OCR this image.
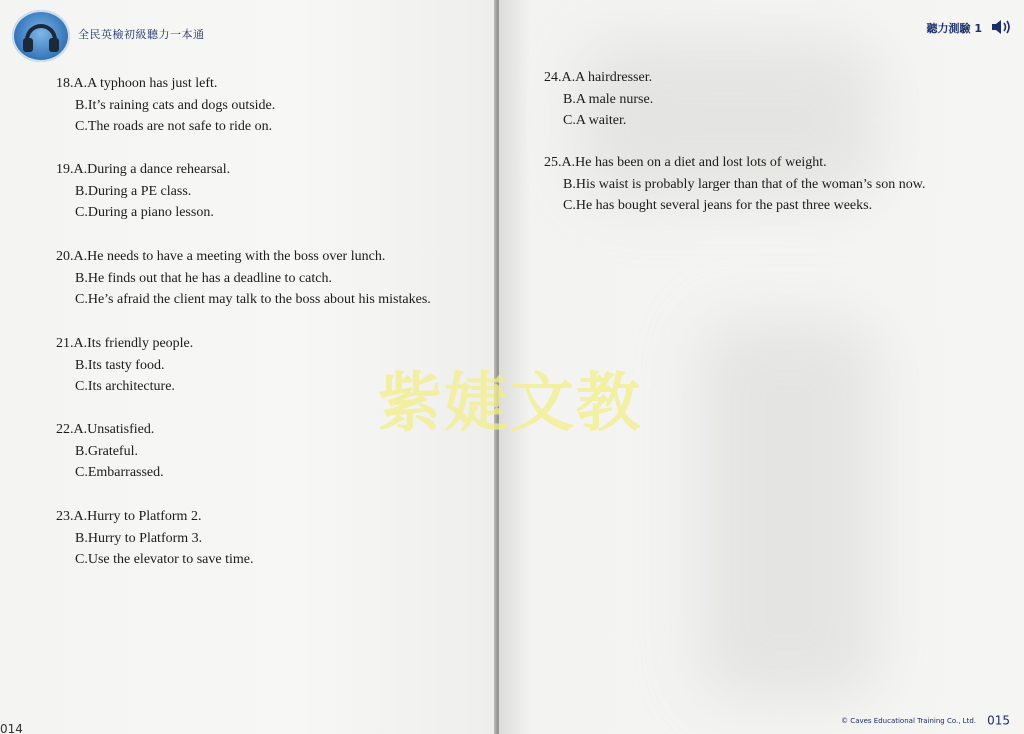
全民英檢初級聽力一本通
18.A.A typhoon has just left.
B.It’s raining cats and dogs outside.
C.The roads are not safe to ride on.
19.A.During a dance rehearsal.
B.During a PE class.
C.During a piano lesson.
20.A.He needs to have a meeting with the boss over lunch.
B.He finds out that he has a deadline to catch.
C.He’s afraid the client may talk to the boss about his mistakes.
21.A.Its friendly people.
B.Its tasty food.
C.Its architecture.
22.A.Unsatisfied.
B.Grateful.
C.Embarrassed.
23.A.Hurry to Platform 2.
B.Hurry to Platform 3.
C.Use the elevator to save time.
014
聽力測驗 1
24.A.A hairdresser.
B.A male nurse.
C.A waiter.
25.A.He has been on a diet and lost lots of weight.
B.His waist is probably larger than that of the woman’s son now.
C.He has bought several jeans for the past three weeks.
© Caves Educational Training Co., Ltd. 015
紫婕文教
